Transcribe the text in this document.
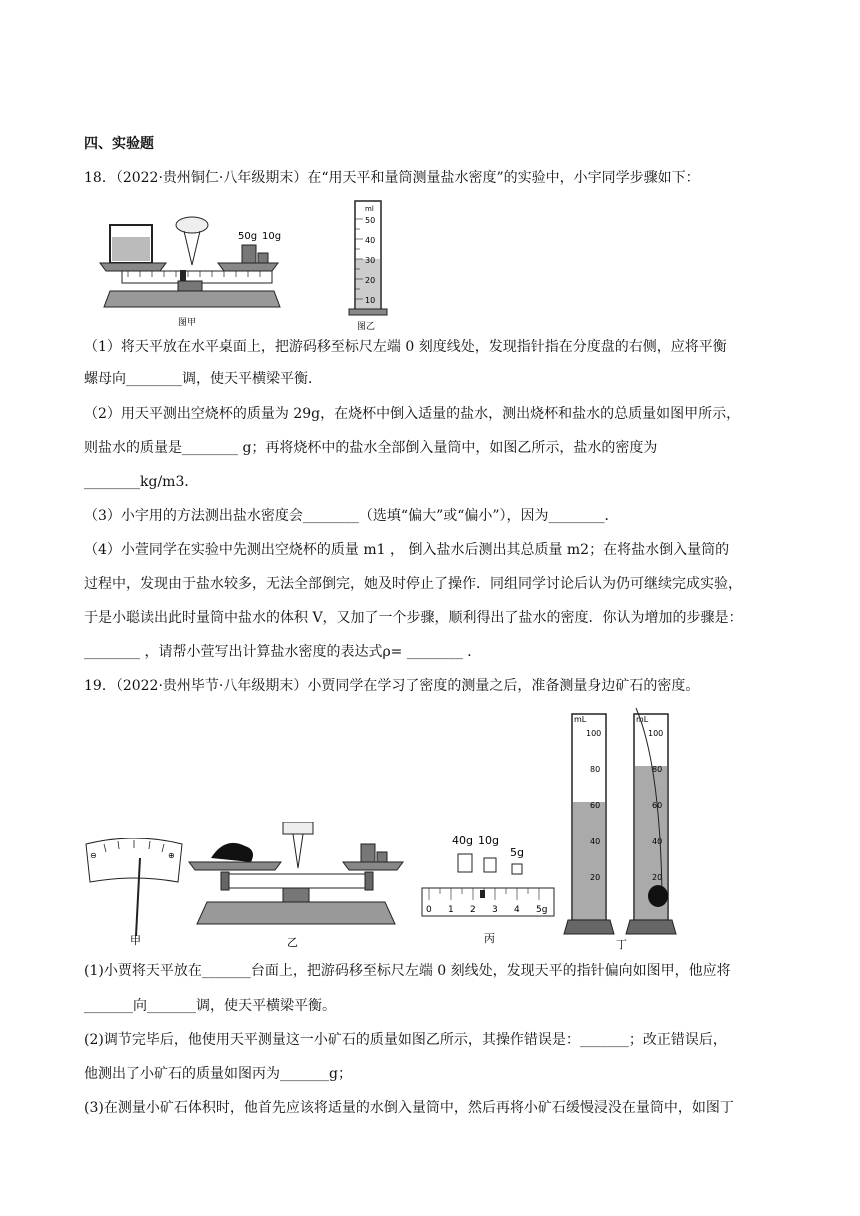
四、实验题
18．（2022·贵州铜仁·八年级期末）在“用天平和量筒测量盐水密度”的实验中，小宇同学步骤如下：
50g 10g
图甲
ml
50
40
30
20
10
图乙
（1）将天平放在水平桌面上，把游码移至标尺左端 0 刻度线处，发现指针指在分度盘的右侧，应将平衡
螺母向________调，使天平横梁平衡．
（2）用天平测出空烧杯的质量为 29g，在烧杯中倒入适量的盐水，测出烧杯和盐水的总质量如图甲所示，
则盐水的质量是________ g；再将烧杯中的盐水全部倒入量筒中，如图乙所示，盐水的密度为
________kg/m3．
（3）小宇用的方法测出盐水密度会________（选填“偏大”或“偏小”），因为________．
（4）小萱同学在实验中先测出空烧杯的质量 m1 ， 倒入盐水后测出其总质量 m2；在将盐水倒入量筒的
过程中，发现由于盐水较多，无法全部倒完，她及时停止了操作．同组同学讨论后认为仍可继续完成实验，
于是小聪读出此时量筒中盐水的体积 V，又加了一个步骤，顺利得出了盐水的密度．你认为增加的步骤是：
________ ，请帮小萱写出计算盐水密度的表达式ρ= ________ ．
19．（2022·贵州毕节·八年级期末）小贾同学在学习了密度的测量之后，准备测量身边矿石的密度。
⊖	⊕
甲	乙
40g 10g
5g
0 1 2 3 4 5g
丙
mL
100
80
60
40
20
mL
100
80
60
40
20
丁
(1)小贾将天平放在_______台面上，把游码移至标尺左端 0 刻线处，发现天平的指针偏向如图甲，他应将
_______向_______调，使天平横梁平衡。
(2)调节完毕后，他使用天平测量这一小矿石的质量如图乙所示，其操作错误是：_______；改正错误后，
他测出了小矿石的质量如图丙为_______g；
(3)在测量小矿石体积时，他首先应该将适量的水倒入量筒中，然后再将小矿石缓慢浸没在量筒中，如图丁
